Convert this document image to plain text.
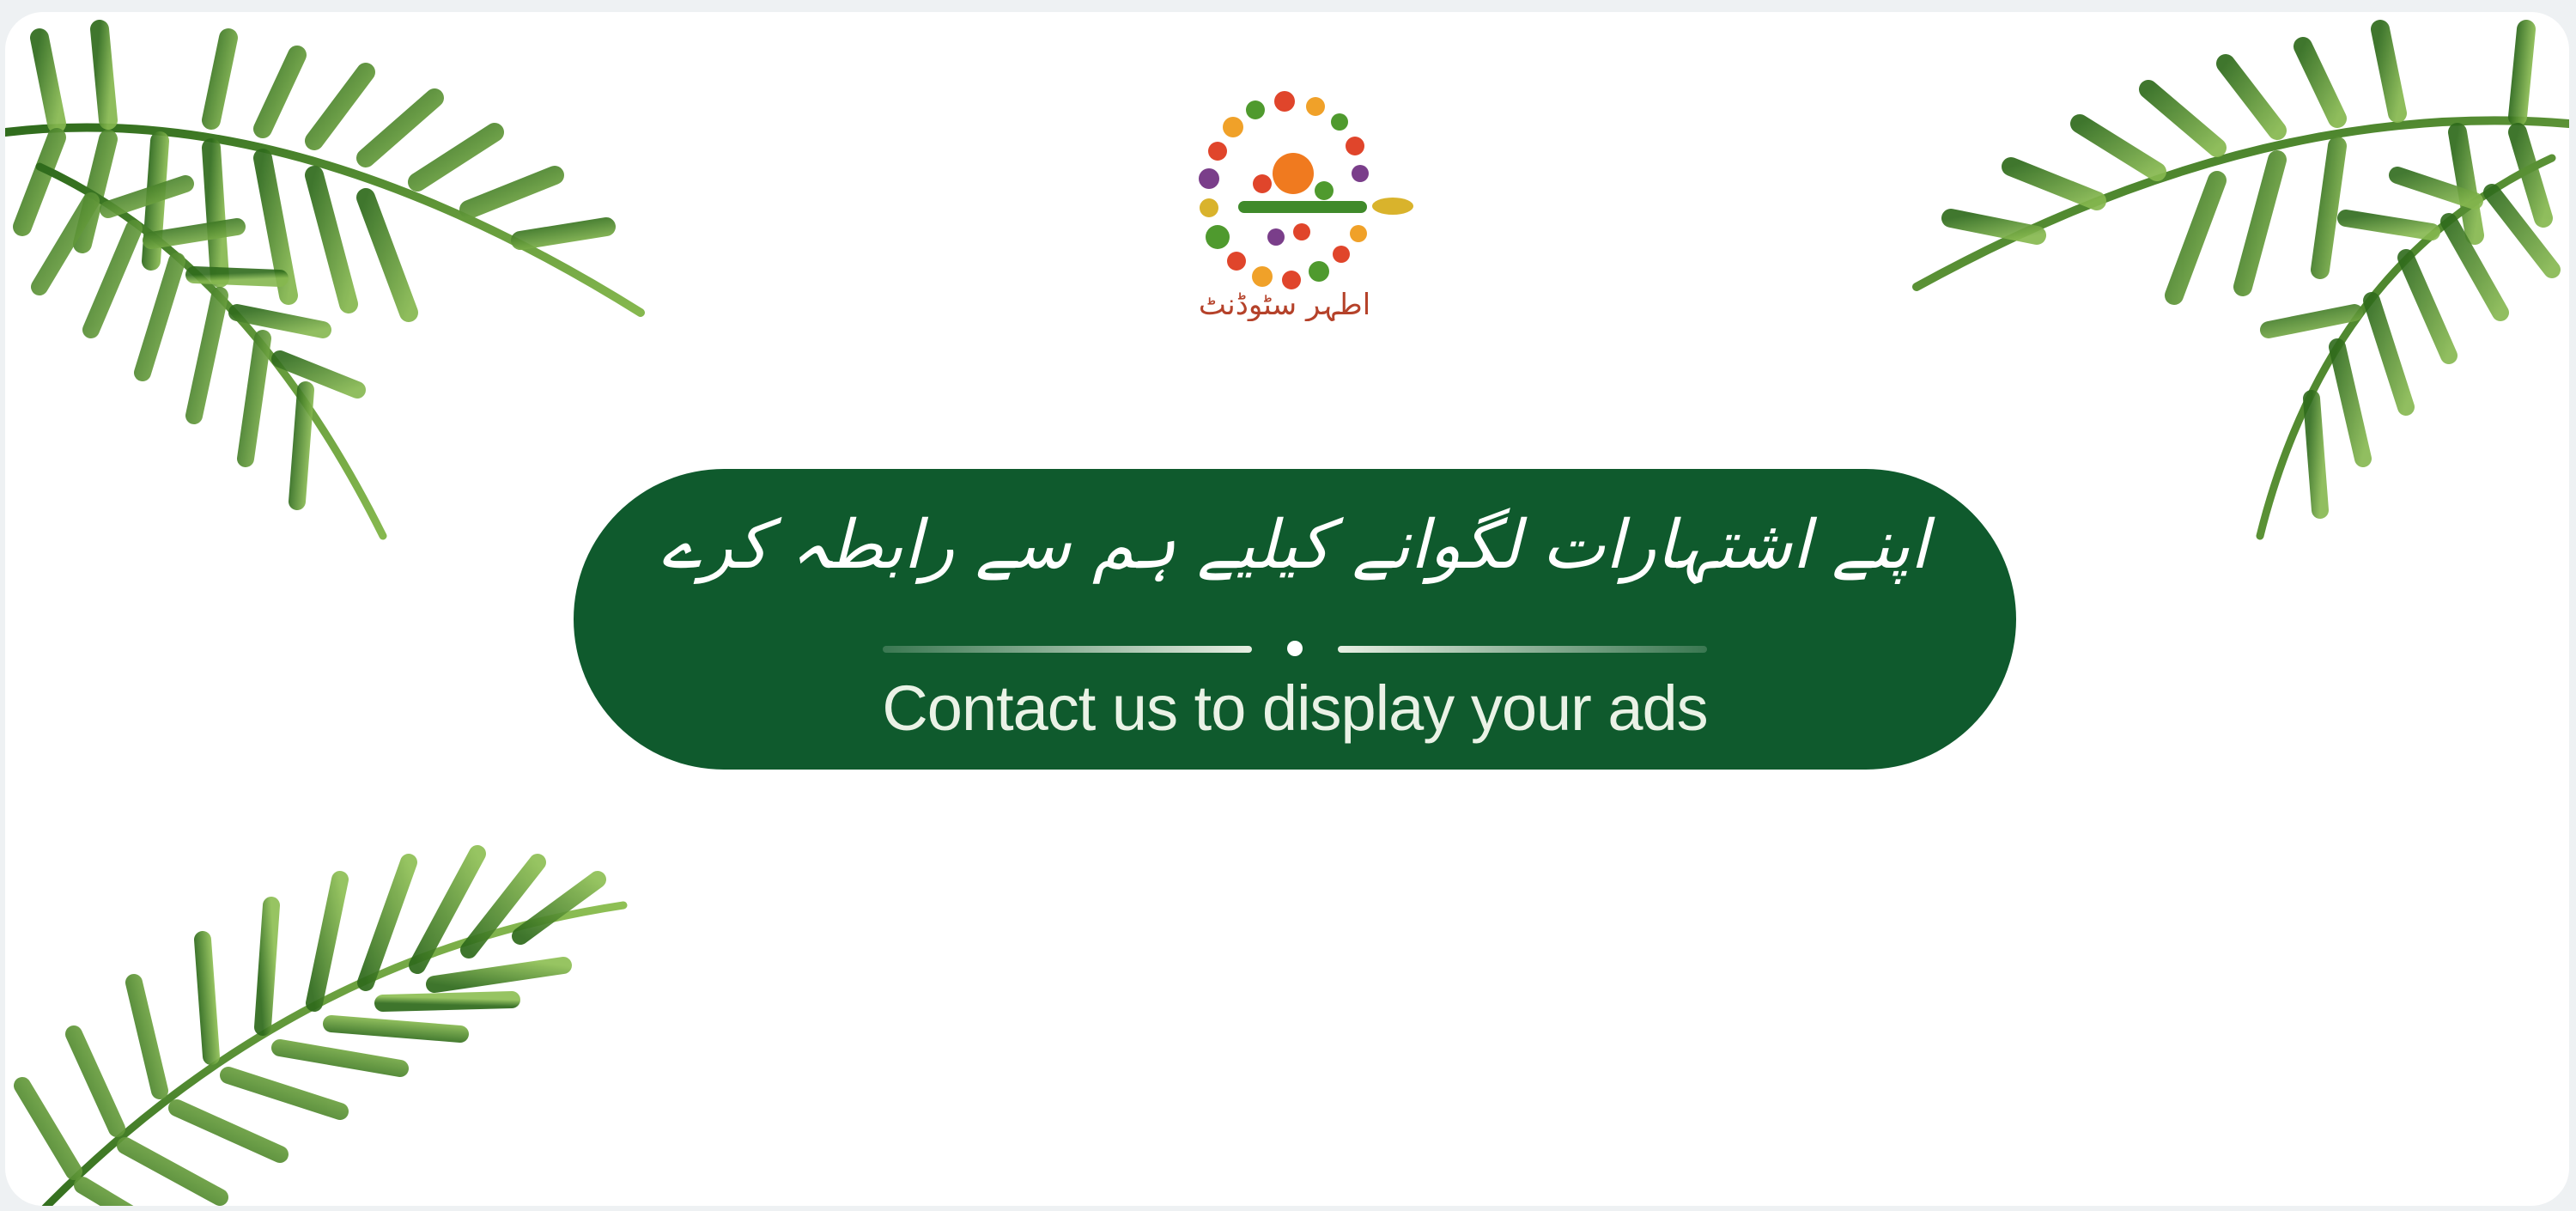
اطہر سٹوڈنٹ
اپنے اشتہارات لگوانے کیلیے ہم سے رابطہ کرے
Contact us to display your ads
